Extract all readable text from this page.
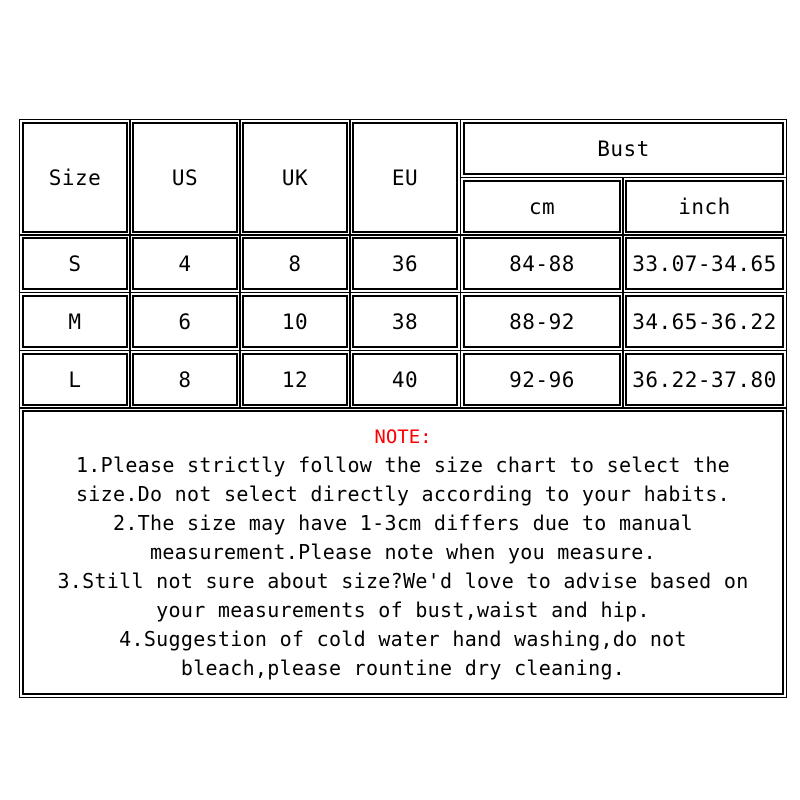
Size	US	UK	EU
Bust
cm	inch
S	4	8	36	84-88	33.07-34.65
M	6	10	38	88-92	34.65-36.22
L	8	12	40	92-96	36.22-37.80
NOTE:
1.Please strictly follow the size chart to select the
size.Do not select directly according to your habits.
2.The size may have 1-3cm differs due to manual
measurement.Please note when you measure.
3.Still not sure about size?We'd love to advise based on
your measurements of bust,waist and hip.
4.Suggestion of cold water hand washing,do not
bleach,please rountine dry cleaning.
